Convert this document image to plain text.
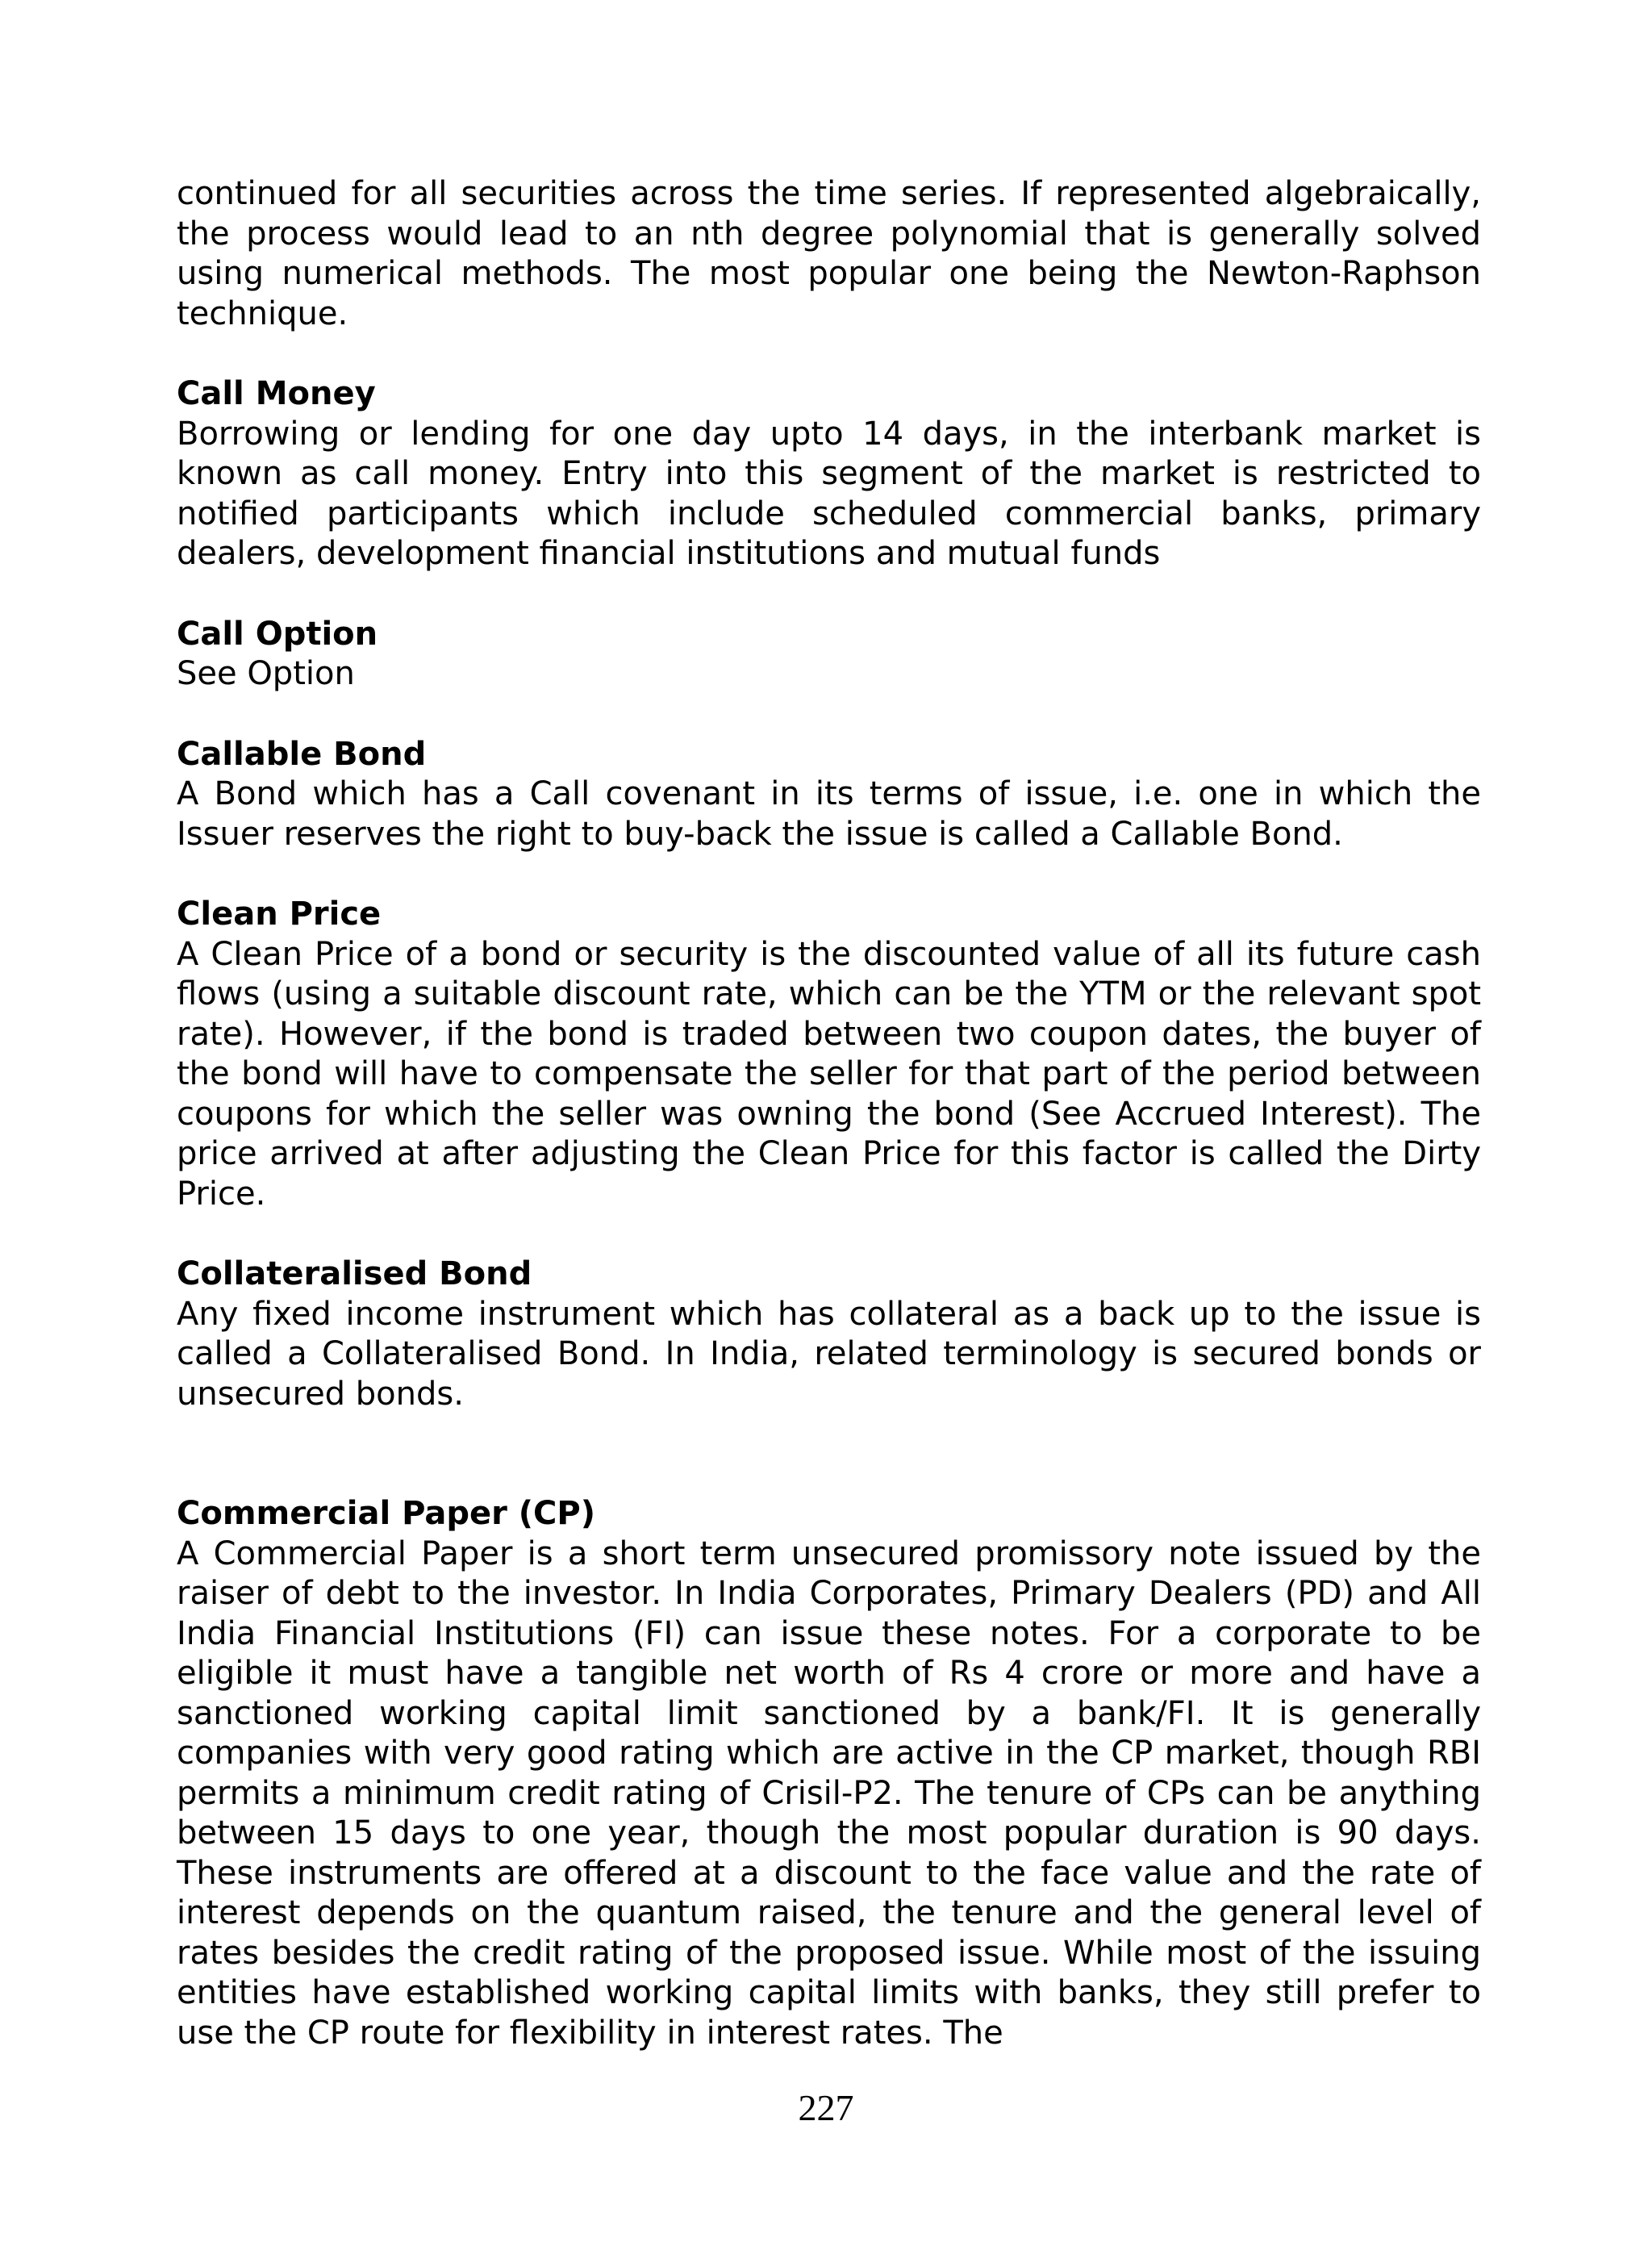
continued for all securities across the time series. If represented algebraically, the process would lead to an nth degree polynomial that is generally solved using numerical methods. The most popular one being the Newton-Raphson technique.

Call Money

Borrowing or lending for one day upto 14 days, in the interbank market is known as call money. Entry into this segment of the market is restricted to notified participants which include scheduled commercial banks, primary dealers, development financial institutions and mutual funds

Call Option

See Option

Callable Bond

A Bond which has a Call covenant in its terms of issue, i.e. one in which the Issuer reserves the right to buy-back the issue is called a Callable Bond.

Clean Price

A Clean Price of a bond or security is the discounted value of all its future cash flows (using a suitable discount rate, which can be the YTM or the relevant spot rate). However, if the bond is traded between two coupon dates, the buyer of the bond will have to compensate the seller for that part of the period between coupons for which the seller was owning the bond (See Accrued Interest). The price arrived at after adjusting the Clean Price for this factor is called the Dirty Price.

Collateralised Bond

Any fixed income instrument which has collateral as a back up to the issue is called a Collateralised Bond. In India, related terminology is secured bonds or unsecured bonds.

Commercial Paper (CP)

A Commercial Paper is a short term unsecured promissory note issued by the raiser of debt to the investor. In India Corporates, Primary Dealers (PD) and All India Financial Institutions (FI) can issue these notes. For a corporate to be eligible it must have a tangible net worth of Rs 4 crore or more and have a sanctioned working capital limit sanctioned by a bank/FI. It is generally companies with very good rating which are active in the CP market, though RBI permits a minimum credit rating of Crisil-P2. The tenure of CPs can be anything between 15 days to one year, though the most popular duration is 90 days. These instruments are offered at a discount to the face value and the rate of interest depends on the quantum raised, the tenure and the general level of rates besides the credit rating of the proposed issue. While most of the issuing entities have established working capital limits with banks, they still prefer to use the CP route for flexibility in interest rates. The

227
